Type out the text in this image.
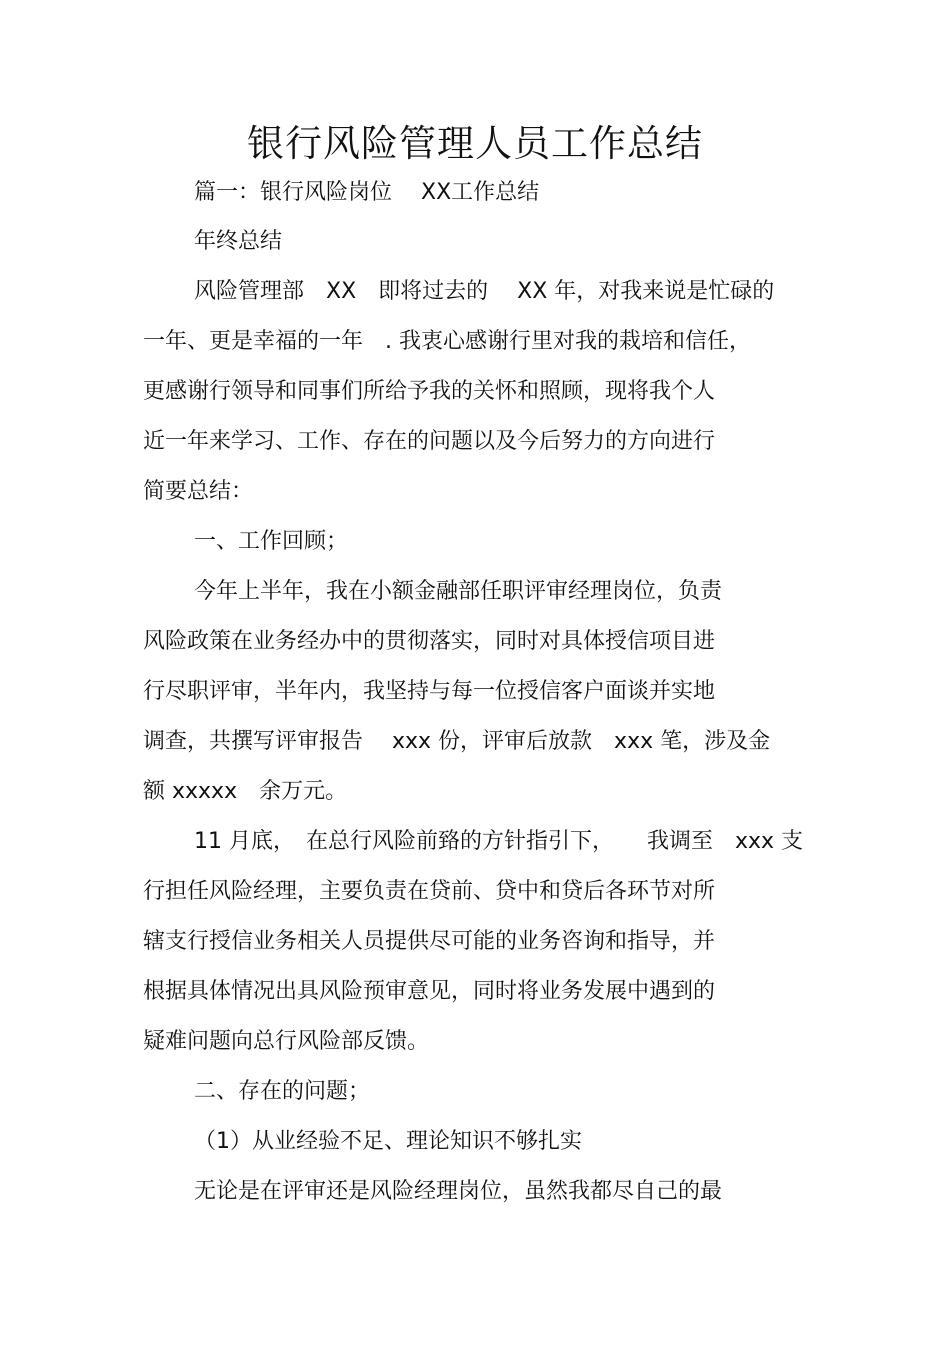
银行风险管理人员工作总结

篇一：银行风险岗位　 XX工作总结

年终总结

风险管理部　XX　即将过去的　 XX 年，对我来说是忙碌的

一年、更是幸福的一年　. 我衷心感谢行里对我的栽培和信任，

更感谢行领导和同事们所给予我的关怀和照顾，现将我个人

近一年来学习、工作、存在的问题以及今后努力的方向进行

简要总结：

一、工作回顾；

今年上半年，我在小额金融部任职评审经理岗位，负责

风险政策在业务经办中的贯彻落实，同时对具体授信项目进

行尽职评审，半年内，我坚持与每一位授信客户面谈并实地

调查，共撰写评审报告　 xxx 份，评审后放款　xxx 笔，涉及金

额 xxxxx　余万元。

11 月底，　在总行风险前臵的方针指引下，　　我调至　xxx 支

行担任风险经理，主要负责在贷前、贷中和贷后各环节对所

辖支行授信业务相关人员提供尽可能的业务咨询和指导，并

根据具体情况出具风险预审意见，同时将业务发展中遇到的

疑难问题向总行风险部反馈。

二、存在的问题；

（1）从业经验不足、理论知识不够扎实

无论是在评审还是风险经理岗位，虽然我都尽自己的最
